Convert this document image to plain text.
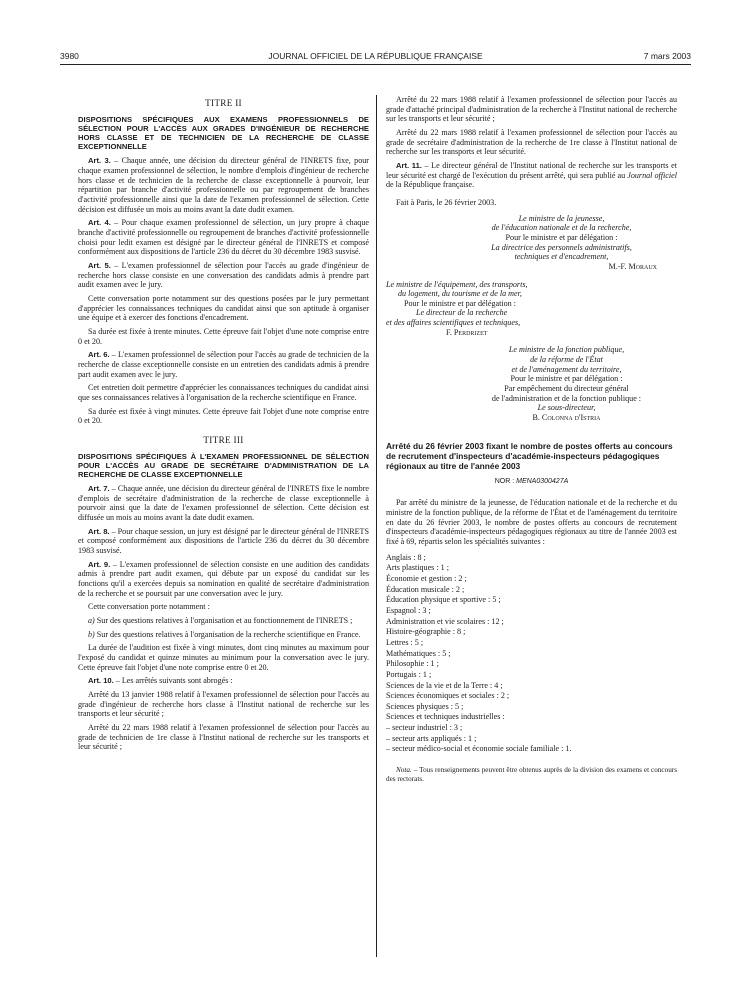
3980	JOURNAL OFFICIEL DE LA RÉPUBLIQUE FRANÇAISE	7 mars 2003
TITRE II
DISPOSITIONS SPÉCIFIQUES AUX EXAMENS PROFESSIONNELS DE SÉLECTION POUR L'ACCÈS AUX GRADES D'INGÉNIEUR DE RECHERCHE HORS CLASSE ET DE TECHNICIEN DE LA RECHERCHE DE CLASSE EXCEPTIONNELLE

Art. 3. – Chaque année, une décision du directeur général de l'INRETS fixe, pour chaque examen professionnel de sélection, le nombre d'emplois d'ingénieur de recherche hors classe et de technicien de la recherche de classe exceptionnelle à pourvoir, leur répartition par branche d'activité professionnelle ou par regroupement de branches d'activité professionnelle ainsi que la date de l'examen professionnel de sélection. Cette décision est diffusée un mois au moins avant la date dudit examen.

Art. 4. – Pour chaque examen professionnel de sélection, un jury propre à chaque branche d'activité professionnelle ou regroupement de branches d'activité professionnelle choisi pour ledit examen est désigné par le directeur général de l'INRETS et composé conformément aux dispositions de l'article 236 du décret du 30 décembre 1983 susvisé.

Art. 5. – L'examen professionnel de sélection pour l'accès au grade d'ingénieur de recherche hors classe consiste en une conversation des candidats admis à prendre part audit examen avec le jury.

Cette conversation porte notamment sur des questions posées par le jury permettant d'apprécier les connaissances techniques du candidat ainsi que son aptitude à organiser une équipe et à exercer des fonctions d'encadrement.

Sa durée est fixée à trente minutes. Cette épreuve fait l'objet d'une note comprise entre 0 et 20.

Art. 6. – L'examen professionnel de sélection pour l'accès au grade de technicien de la recherche de classe exceptionnelle consiste en un entretien des candidats admis à prendre part audit examen avec le jury.

Cet entretien doit permettre d'apprécier les connaissances techniques du candidat ainsi que ses connaissances relatives à l'organisation de la recherche scientifique en France.

Sa durée est fixée à vingt minutes. Cette épreuve fait l'objet d'une note comprise entre 0 et 20.

TITRE III
DISPOSITIONS SPÉCIFIQUES À L'EXAMEN PROFESSIONNEL DE SÉLECTION POUR L'ACCÈS AU GRADE DE SECRÉTAIRE D'ADMINISTRATION DE LA RECHERCHE DE CLASSE EXCEPTIONNELLE

Art. 7. – Chaque année, une décision du directeur général de l'INRETS fixe le nombre d'emplois de secrétaire d'administration de la recherche de classe exceptionnelle à pourvoir ainsi que la date de l'examen professionnel de sélection. Cette décision est diffusée un mois au moins avant la date dudit examen.

Art. 8. – Pour chaque session, un jury est désigné par le directeur général de l'INRETS et composé conformément aux dispositions de l'article 236 du décret du 30 décembre 1983 susvisé.

Art. 9. – L'examen professionnel de sélection consiste en une audition des candidats admis à prendre part audit examen, qui débute par un exposé du candidat sur les fonctions qu'il a exercées depuis sa nomination en qualité de secrétaire d'administration de la recherche et se poursuit par une conversation avec le jury.

Cette conversation porte notamment :

a) Sur des questions relatives à l'organisation et au fonctionnement de l'INRETS ;

b) Sur des questions relatives à l'organisation de la recherche scientifique en France.

La durée de l'audition est fixée à vingt minutes, dont cinq minutes au maximum pour l'exposé du candidat et quinze minutes au minimum pour la conversation avec le jury. Cette épreuve fait l'objet d'une note comprise entre 0 et 20.

Art. 10. – Les arrêtés suivants sont abrogés :

Arrêté du 13 janvier 1988 relatif à l'examen professionnel de sélection pour l'accès au grade d'ingénieur de recherche hors classe à l'Institut national de recherche sur les transports et leur sécurité ;

Arrêté du 22 mars 1988 relatif à l'examen professionnel de sélection pour l'accès au grade de technicien de 1re classe à l'Institut national de recherche sur les transports et leur sécurité ;

Arrêté du 22 mars 1988 relatif à l'examen professionnel de sélection pour l'accès au grade d'attaché principal d'administration de la recherche à l'Institut national de recherche sur les transports et leur sécurité ;

Arrêté du 22 mars 1988 relatif à l'examen professionnel de sélection pour l'accès au grade de secrétaire d'administration de la recherche de 1re classe à l'Institut national de recherche sur les transports et leur sécurité.

Art. 11. – Le directeur général de l'Institut national de recherche sur les transports et leur sécurité est chargé de l'exécution du présent arrêté, qui sera publié au Journal officiel de la République française.

Fait à Paris, le 26 février 2003.

Le ministre de la jeunesse,
de l'éducation nationale et de la recherche,
Pour le ministre et par délégation :
La directrice des personnels administratifs,
techniques et d'encadrement,
M.-F. Moraux
Le ministre de l'équipement, des transports,
du logement, du tourisme et de la mer,
Pour le ministre et par délégation :
Le directeur de la recherche
et des affaires scientifiques et techniques,
F. Perdrizet
Le ministre de la fonction publique,
de la réforme de l'État
et de l'aménagement du territoire,
Pour le ministre et par délégation :
Par empêchement du directeur général
de l'administration et de la fonction publique :
Le sous-directeur,
B. Colonna d'Istria
Arrêté du 26 février 2003 fixant le nombre de postes offerts au concours de recrutement d'inspecteurs d'académie-inspecteurs pédagogiques régionaux au titre de l'année 2003
NOR : MENA0300427A

Par arrêté du ministre de la jeunesse, de l'éducation nationale et de la recherche et du ministre de la fonction publique, de la réforme de l'État et de l'aménagement du territoire en date du 26 février 2003, le nombre de postes offerts au concours de recrutement d'inspecteurs d'académie-inspecteurs pédagogiques régionaux au titre de l'année 2003 est fixé à 69, répartis selon les spécialités suivantes :

Anglais : 8 ;

Arts plastiques : 1 ;

Économie et gestion : 2 ;

Éducation musicale : 2 ;

Éducation physique et sportive : 5 ;

Espagnol : 3 ;

Administration et vie scolaires : 12 ;

Histoire-géographie : 8 ;

Lettres : 5 ;

Mathématiques : 5 ;

Philosophie : 1 ;

Portugais : 1 ;

Sciences de la vie et de la Terre : 4 ;

Sciences économiques et sociales : 2 ;

Sciences physiques : 5 ;

Sciences et techniques industrielles :

– secteur industriel : 3 ;

– secteur arts appliqués : 1 ;

– secteur médico-social et économie sociale familiale : 1.

Nota. – Tous renseignements peuvent être obtenus auprès de la division des examens et concours des rectorats.
